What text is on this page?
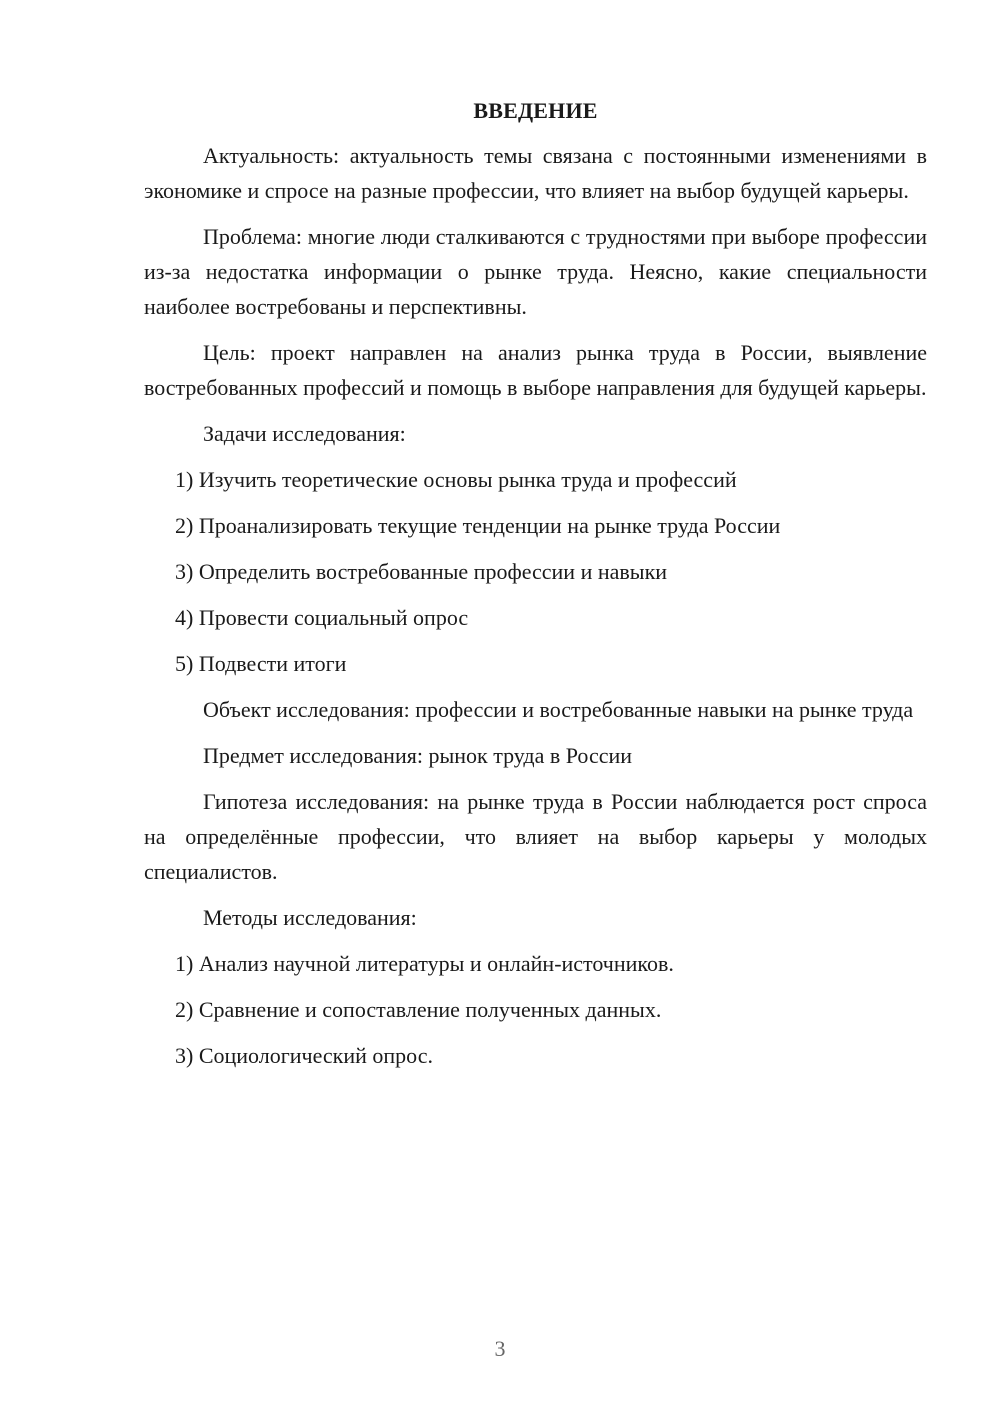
ВВЕДЕНИЕ

Актуальность: актуальность темы связана с постоянными изменениями в экономике и спросе на разные профессии, что влияет на выбор будущей карьеры.

Проблема: многие люди сталкиваются с трудностями при выборе профессии из-за недостатка информации о рынке труда. Неясно, какие специальности наиболее востребованы и перспективны.

Цель: проект направлен на анализ рынка труда в России, выявление востребованных профессий и помощь в выборе направления для будущей карьеры.

Задачи исследования:

1) Изучить теоретические основы рынка труда и профессий
2) Проанализировать текущие тенденции на рынке труда России
3) Определить востребованные профессии и навыки
4) Провести социальный опрос
5) Подвести итоги

Объект исследования: профессии и востребованные навыки на рынке труда

Предмет исследования: рынок труда в России

Гипотеза исследования: на рынке труда в России наблюдается рост спроса на определённые профессии, что влияет на выбор карьеры у молодых специалистов.

Методы исследования:

1) Анализ научной литературы и онлайн-источников.
2) Сравнение и сопоставление полученных данных.
3) Социологический опрос.
3
